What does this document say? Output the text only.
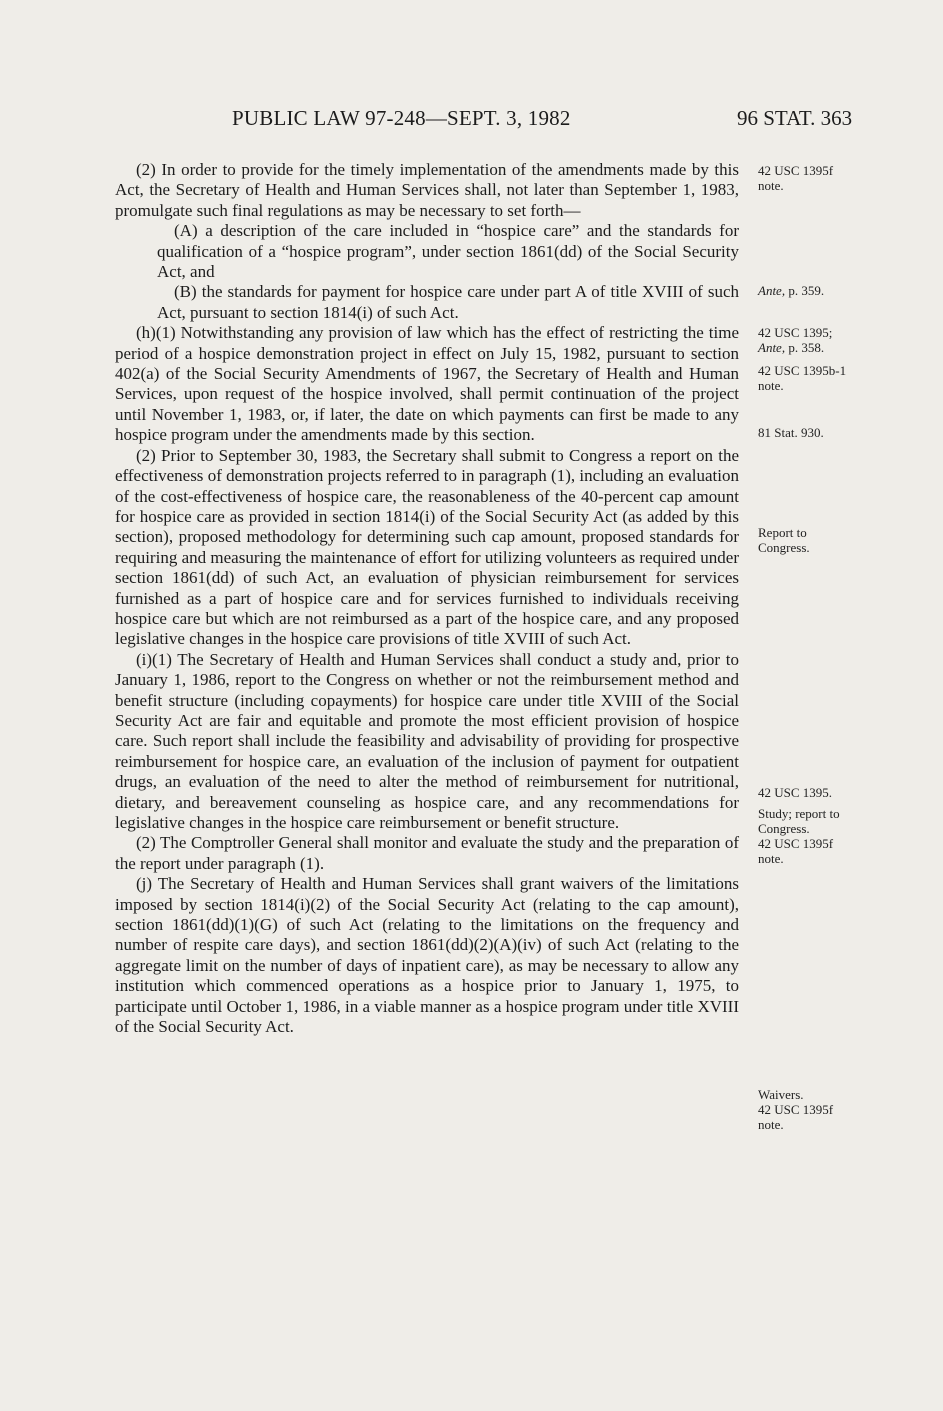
PUBLIC LAW 97-248—SEPT. 3, 1982	96 STAT. 363

(2) In order to provide for the timely implementation of the amendments made by this Act, the Secretary of Health and Human Services shall, not later than September 1, 1983, promulgate such final regulations as may be necessary to set forth—

(A) a description of the care included in “hospice care” and the standards for qualification of a “hospice program”, under section 1861(dd) of the Social Security Act, and

(B) the standards for payment for hospice care under part A of title XVIII of such Act, pursuant to section 1814(i) of such Act.

(h)(1) Notwithstanding any provision of law which has the effect of restricting the time period of a hospice demonstration project in effect on July 15, 1982, pursuant to section 402(a) of the Social Security Amendments of 1967, the Secretary of Health and Human Services, upon request of the hospice involved, shall permit continuation of the project until November 1, 1983, or, if later, the date on which payments can first be made to any hospice program under the amendments made by this section.

(2) Prior to September 30, 1983, the Secretary shall submit to Congress a report on the effectiveness of demonstration projects referred to in paragraph (1), including an evaluation of the cost-effectiveness of hospice care, the reasonableness of the 40-percent cap amount for hospice care as provided in section 1814(i) of the Social Security Act (as added by this section), proposed methodology for determining such cap amount, proposed standards for requiring and measuring the maintenance of effort for utilizing volunteers as required under section 1861(dd) of such Act, an evaluation of physician reimbursement for services furnished as a part of hospice care and for services furnished to individuals receiving hospice care but which are not reimbursed as a part of the hospice care, and any proposed legislative changes in the hospice care provisions of title XVIII of such Act.

(i)(1) The Secretary of Health and Human Services shall conduct a study and, prior to January 1, 1986, report to the Congress on whether or not the reimbursement method and benefit structure (including copayments) for hospice care under title XVIII of the Social Security Act are fair and equitable and promote the most efficient provision of hospice care. Such report shall include the feasibility and advisability of providing for prospective reimbursement for hospice care, an evaluation of the inclusion of payment for outpatient drugs, an evaluation of the need to alter the method of reimbursement for nutritional, dietary, and bereavement counseling as hospice care, and any recommendations for legislative changes in the hospice care reimbursement or benefit structure.

(2) The Comptroller General shall monitor and evaluate the study and the preparation of the report under paragraph (1).

(j) The Secretary of Health and Human Services shall grant waivers of the limitations imposed by section 1814(i)(2) of the Social Security Act (relating to the cap amount), section 1861(dd)(1)(G) of such Act (relating to the limitations on the frequency and number of respite care days), and section 1861(dd)(2)(A)(iv) of such Act (relating to the aggregate limit on the number of days of inpatient care), as may be necessary to allow any institution which commenced operations as a hospice prior to January 1, 1975, to participate until October 1, 1986, in a viable manner as a hospice program under title XVIII of the Social Security Act.

42 USC 1395f
note.
Ante, p. 359.
42 USC 1395;
Ante, p. 358.
42 USC 1395b-1
note.
81 Stat. 930.
Report to
Congress.
42 USC 1395.
Study; report to
Congress.
42 USC 1395f
note.
Waivers.
42 USC 1395f
note.
